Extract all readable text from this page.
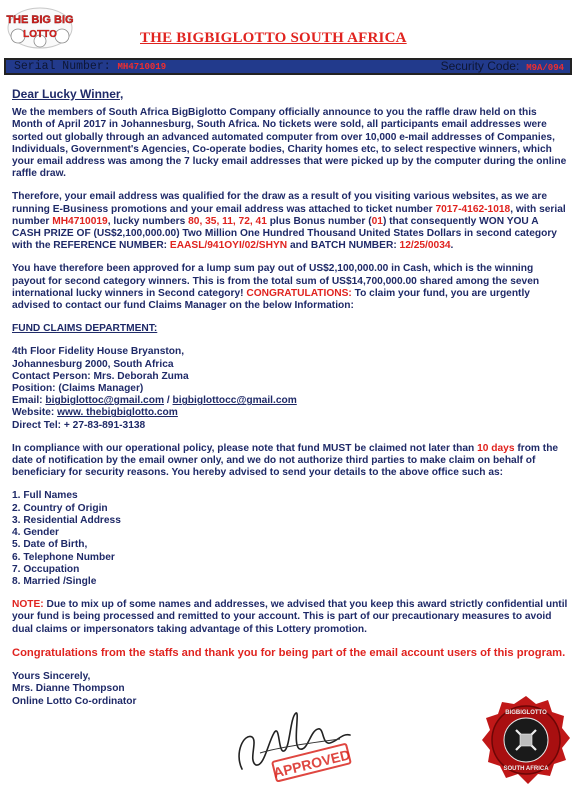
THE BIG BIG
LOTTO	THE BIGBIGLOTTO SOUTH AFRICA
Serial Number: MH4710019	Security Code: M9A/094

Dear Lucky Winner,

We the members of South Africa BigBiglotto Company officially announce to you the raffle draw held on this Month of April 2017 in Johannesburg, South Africa. No tickets were sold, all participants email addresses were sorted out globally through an advanced automated computer from over 10,000 e-mail addresses of Companies, Individuals, Government's Agencies, Co-operate bodies, Charity homes etc, to select respective winners, which your email address was among the 7 lucky email addresses that were picked up by the computer during the online raffle draw.

Therefore, your email address was qualified for the draw as a result of you visiting various websites, as we are running E-Business promotions and your email address was attached to ticket number 7017-4162-1018, with serial number MH4710019, lucky numbers 80, 35, 11, 72, 41 plus Bonus number (01) that consequently WON YOU A CASH PRIZE OF (US$2,100,000.00) Two Million One Hundred Thousand United States Dollars in second category with the REFERENCE NUMBER: EAASL/941OYI/02/SHYN and BATCH NUMBER: 12/25/0034.

You have therefore been approved for a lump sum pay out of US$2,100,000.00 in Cash, which is the winning payout for second category winners. This is from the total sum of US$14,700,000.00 shared among the seven international lucky winners in Second category! CONGRATULATIONS: To claim your fund, you are urgently advised to contact our fund Claims Manager on the below Information:

FUND CLAIMS DEPARTMENT:

4th Floor Fidelity House Bryanston,

Johannesburg 2000, South Africa

Contact Person: Mrs. Deborah Zuma

Position: (Claims Manager)

Email: bigbiglottoc@gmail.com / bigbiglottocc@gmail.com

Website: www. thebigbiglotto.com

Direct Tel: + 27-83-891-3138

In compliance with our operational policy, please note that fund MUST be claimed not later than 10 days from the date of notification by the email owner only, and we do not authorize third parties to make claim on behalf of beneficiary for security reasons. You hereby advised to send your details to the above office such as:

1. Full Names
2. Country of Origin
3. Residential Address
4. Gender
5. Date of Birth,
6. Telephone Number
7. Occupation
8. Married /Single

NOTE: Due to mix up of some names and addresses, we advised that you keep this award strictly confidential until your fund is being processed and remitted to your account. This is part of our precautionary measures to avoid dual claims or impersonators taking advantage of this Lottery promotion.

Congratulations from the staffs and thank you for being part of the email account users of this program.

Yours Sincerely,

Mrs. Dianne Thompson

Online Lotto Co-ordinator

APPROVED
BIGBIGLOTTO
SOUTH AFRICA
